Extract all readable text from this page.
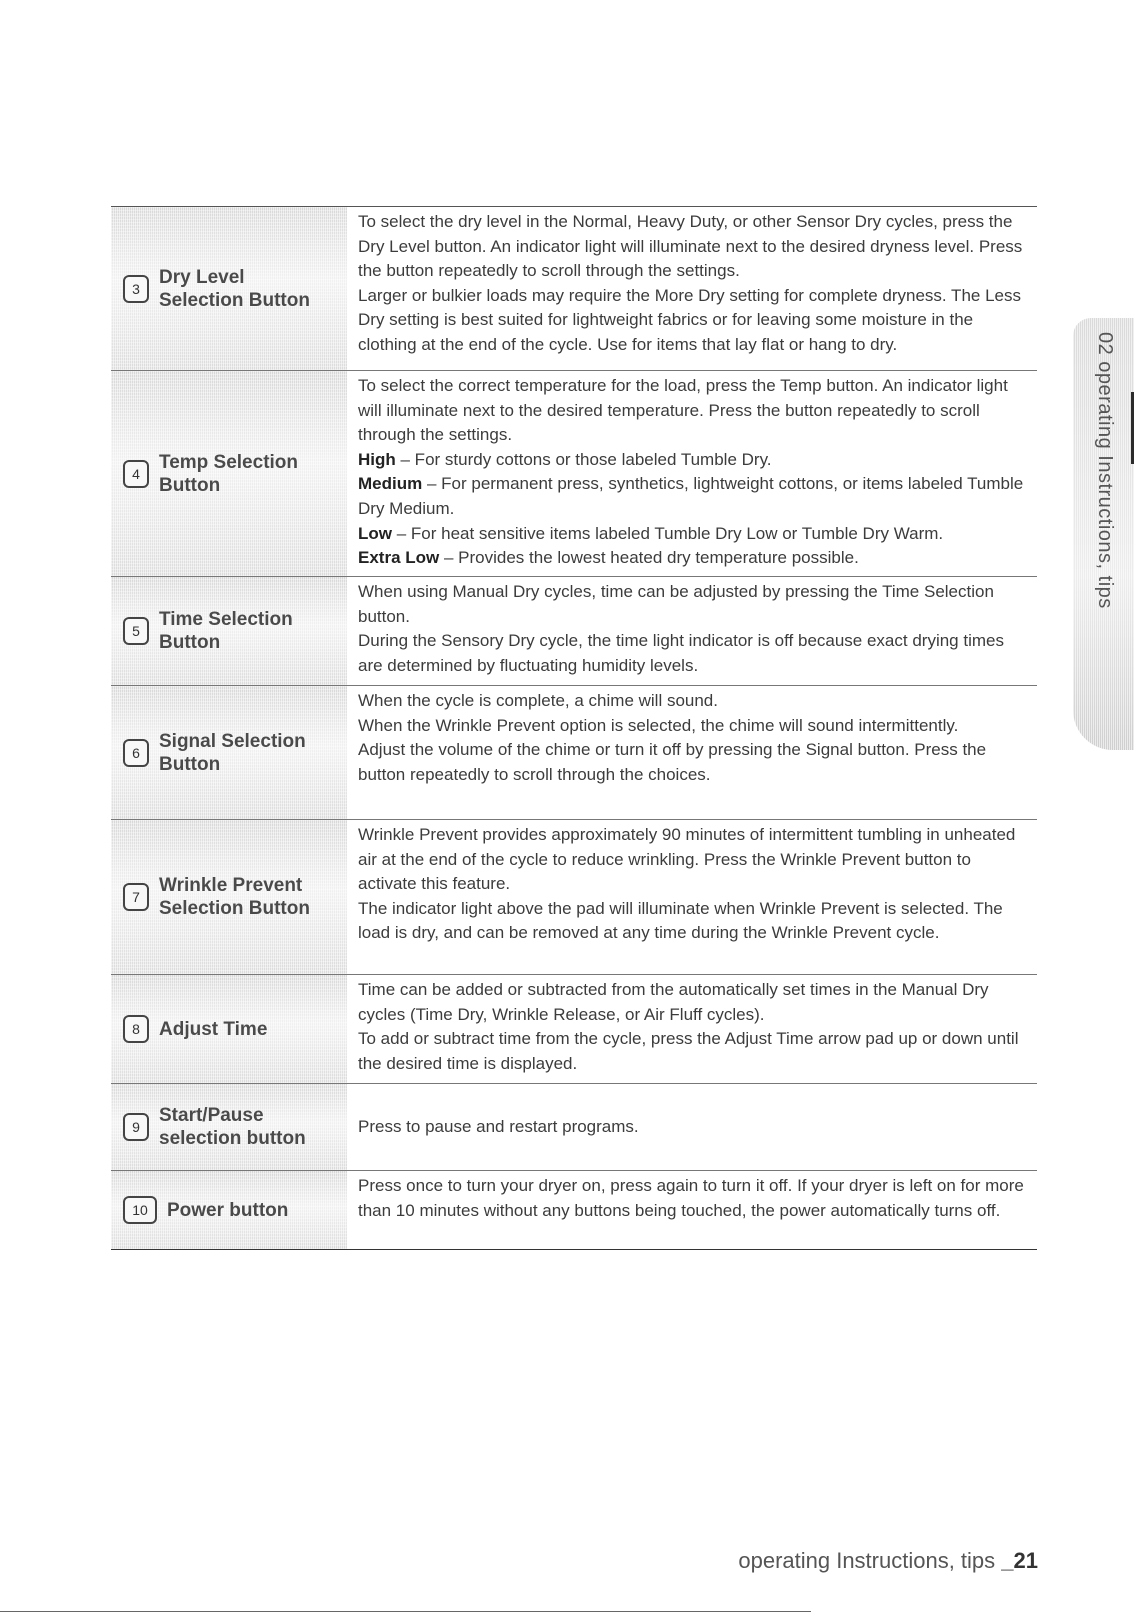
3
Dry Level Selection Button

To select the dry level in the Normal, Heavy Duty, or other Sensor Dry cycles, press the Dry Level button. An indicator light will illuminate next to the desired dryness level. Press the button repeatedly to scroll through the settings.

Larger or bulkier loads may require the More Dry setting for complete dryness. The Less Dry setting is best suited for lightweight fabrics or for leaving some moisture in the clothing at the end of the cycle. Use for items that lay flat or hang to dry.

4
Temp Selection Button

To select the correct temperature for the load, press the Temp button. An indicator light will illuminate next to the desired temperature. Press the button repeatedly to scroll through the settings.

High – For sturdy cottons or those labeled Tumble Dry.

Medium – For permanent press, synthetics, lightweight cottons, or items labeled Tumble Dry Medium.

Low – For heat sensitive items labeled Tumble Dry Low or Tumble Dry Warm.

Extra Low – Provides the lowest heated dry temperature possible.

5
Time Selection Button

When using Manual Dry cycles, time can be adjusted by pressing the Time Selection button.

During the Sensory Dry cycle, the time light indicator is off because exact drying times are determined by fluctuating humidity levels.

6
Signal Selection Button

When the cycle is complete, a chime will sound.

When the Wrinkle Prevent option is selected, the chime will sound intermittently.

Adjust the volume of the chime or turn it off by pressing the Signal button. Press the button repeatedly to scroll through the choices.

7
Wrinkle Prevent Selection Button

Wrinkle Prevent provides approximately 90 minutes of intermittent tumbling in unheated air at the end of the cycle to reduce wrinkling. Press the Wrinkle Prevent button to activate this feature.

The indicator light above the pad will illuminate when Wrinkle Prevent is selected. The load is dry, and can be removed at any time during the Wrinkle Prevent cycle.

8	Adjust Time

Time can be added or subtracted from the automatically set times in the Manual Dry cycles (Time Dry, Wrinkle Release, or Air Fluff cycles).

To add or subtract time from the cycle, press the Adjust Time arrow pad up or down until the desired time is displayed.

9
Start/Pause selection button

Press to pause and restart programs.

10	Power button

Press once to turn your dryer on, press again to turn it off. If your dryer is left on for more than 10 minutes without any buttons being touched, the power automatically turns off.

02 operating Instructions, tips
operating Instructions, tips _21
